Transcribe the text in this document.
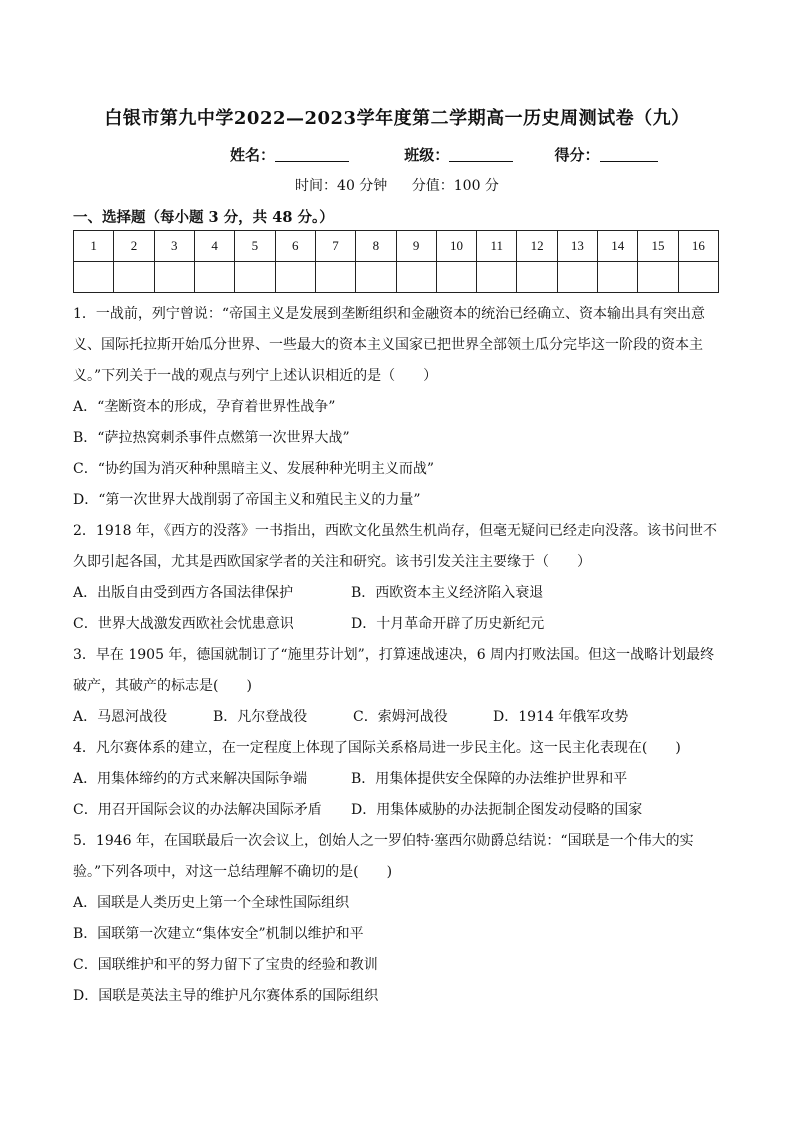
白银市第九中学2022—2023学年度第二学期高一历史周测试卷（九）
姓名：	班级：	得分：
时间：40 分钟 分值：100 分
一、选择题（每小题 3 分，共 48 分。）
1	2	3	4	5	6	7	8	9	10	11	12	13	14	15	16

1．一战前，列宁曾说：“帝国主义是发展到垄断组织和金融资本的统治已经确立、资本输出具有突出意义、国际托拉斯开始瓜分世界、一些最大的资本主义国家已把世界全部领土瓜分完毕这一阶段的资本主义。”下列关于一战的观点与列宁上述认识相近的是（　　）
A．“垄断资本的形成，孕育着世界性战争”
B．“萨拉热窝刺杀事件点燃第一次世界大战”
C．“协约国为消灭种种黑暗主义、发展种种光明主义而战”
D．“第一次世界大战削弱了帝国主义和殖民主义的力量”
2．1918 年，《西方的没落》一书指出，西欧文化虽然生机尚存，但毫无疑问已经走向没落。该书问世不久即引起各国，尤其是西欧国家学者的关注和研究。该书引发关注主要缘于（　　）
A．出版自由受到西方各国法律保护	B．西欧资本主义经济陷入衰退
C．世界大战激发西欧社会忧患意识	D．十月革命开辟了历史新纪元
3．早在 1905 年，德国就制订了“施里芬计划”，打算速战速决，6 周内打败法国。但这一战略计划最终破产，其破产的标志是(　　)
A．马恩河战役	B．凡尔登战役	C．索姆河战役	D．1914 年俄军攻势
4．凡尔赛体系的建立，在一定程度上体现了国际关系格局进一步民主化。这一民主化表现在(　　)
A．用集体缔约的方式来解决国际争端	B．用集体提供安全保障的办法维护世界和平
C．用召开国际会议的办法解决国际矛盾	D．用集体威胁的办法扼制企图发动侵略的国家
5．1946 年，在国联最后一次会议上，创始人之一罗伯特·塞西尔勋爵总结说：“国联是一个伟大的实验。”下列各项中，对这一总结理解不确切的是(　　)
A．国联是人类历史上第一个全球性国际组织
B．国联第一次建立“集体安全”机制以维护和平
C．国联维护和平的努力留下了宝贵的经验和教训
D．国联是英法主导的维护凡尔赛体系的国际组织
